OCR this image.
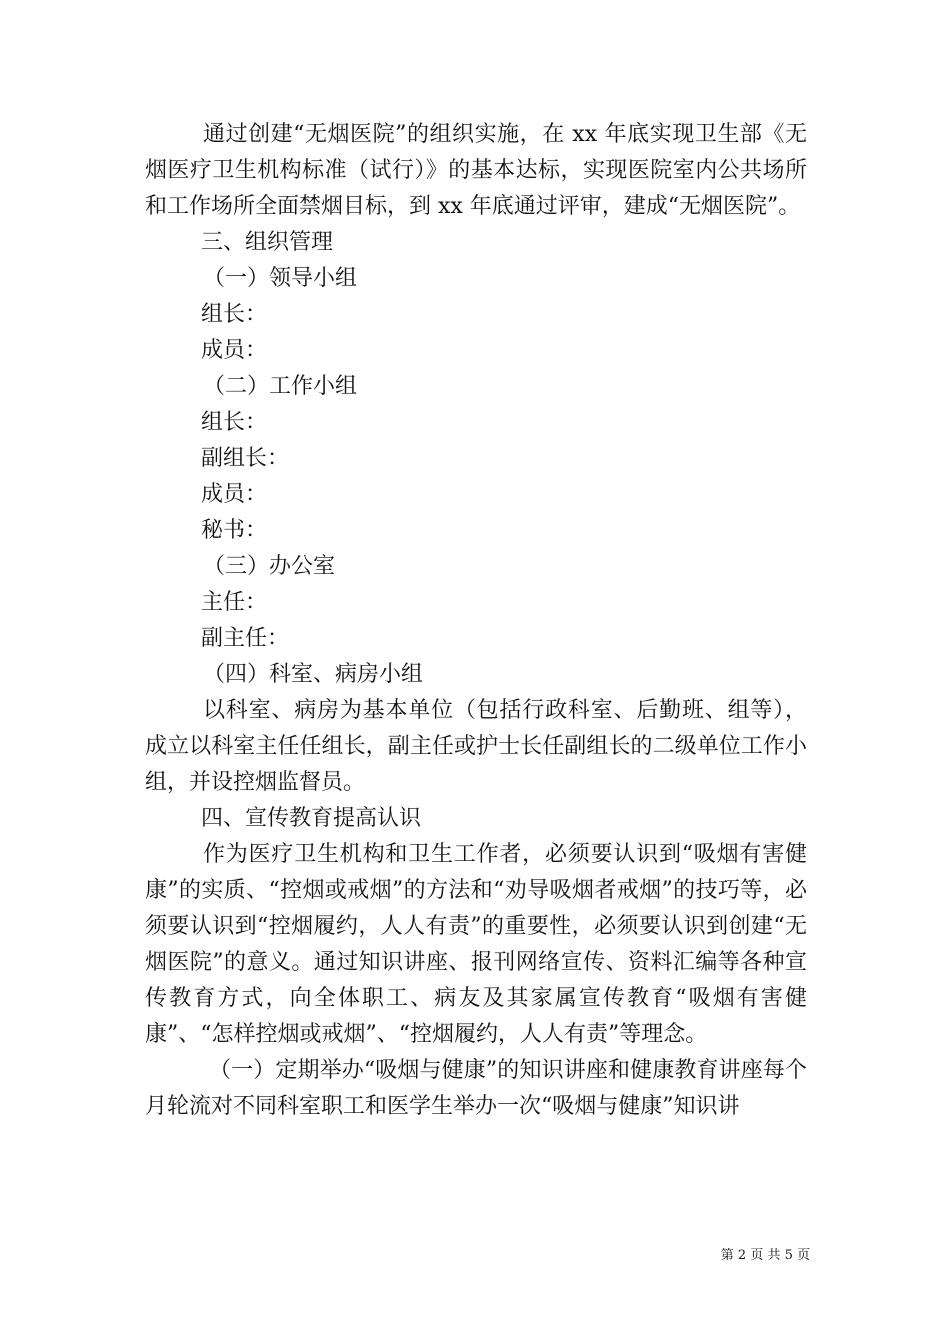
通过创建“无烟医院”的组织实施，在 xx 年底实现卫生部《无烟医疗卫生机构标准（试行）》的基本达标，实现医院室内公共场所和工作场所全面禁烟目标，到 xx 年底通过评审，建成“无烟医院”。

三、组织管理

（一）领导小组

组长：

成员：

（二）工作小组

组长：

副组长：

成员：

秘书：

（三）办公室

主任：

副主任：

（四）科室、病房小组

以科室、病房为基本单位（包括行政科室、后勤班、组等），成立以科室主任任组长，副主任或护士长任副组长的二级单位工作小组，并设控烟监督员。

四、宣传教育提高认识

作为医疗卫生机构和卫生工作者，必须要认识到“吸烟有害健康”的实质、“控烟或戒烟”的方法和“劝导吸烟者戒烟”的技巧等，必须要认识到“控烟履约，人人有责”的重要性，必须要认识到创建“无烟医院”的意义。通过知识讲座、报刊网络宣传、资料汇编等各种宣传教育方式，向全体职工、病友及其家属宣传教育“吸烟有害健康”、“怎样控烟或戒烟”、“控烟履约，人人有责”等理念。

（一）定期举办“吸烟与健康”的知识讲座和健康教育讲座每个月轮流对不同科室职工和医学生举办一次“吸烟与健康”知识讲

第 2 页 共 5 页
